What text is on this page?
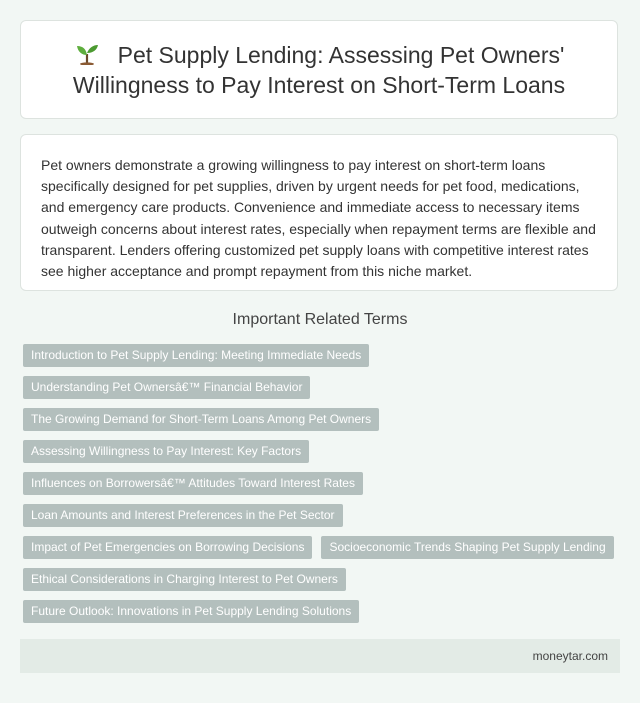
Pet Supply Lending: Assessing Pet Owners' Willingness to Pay Interest on Short-Term Loans

Pet owners demonstrate a growing willingness to pay interest on short-term loans specifically designed for pet supplies, driven by urgent needs for pet food, medications, and emergency care products. Convenience and immediate access to necessary items outweigh concerns about interest rates, especially when repayment terms are flexible and transparent. Lenders offering customized pet supply loans with competitive interest rates see higher acceptance and prompt repayment from this niche market.

Important Related Terms
Introduction to Pet Supply Lending: Meeting Immediate Needs
Understanding Pet Ownersâ€™ Financial Behavior
The Growing Demand for Short-Term Loans Among Pet Owners
Assessing Willingness to Pay Interest: Key Factors
Influences on Borrowersâ€™ Attitudes Toward Interest Rates
Loan Amounts and Interest Preferences in the Pet Sector
Impact of Pet Emergencies on Borrowing Decisions	Socioeconomic Trends Shaping Pet Supply Lending
Ethical Considerations in Charging Interest to Pet Owners
Future Outlook: Innovations in Pet Supply Lending Solutions
moneytar.com
